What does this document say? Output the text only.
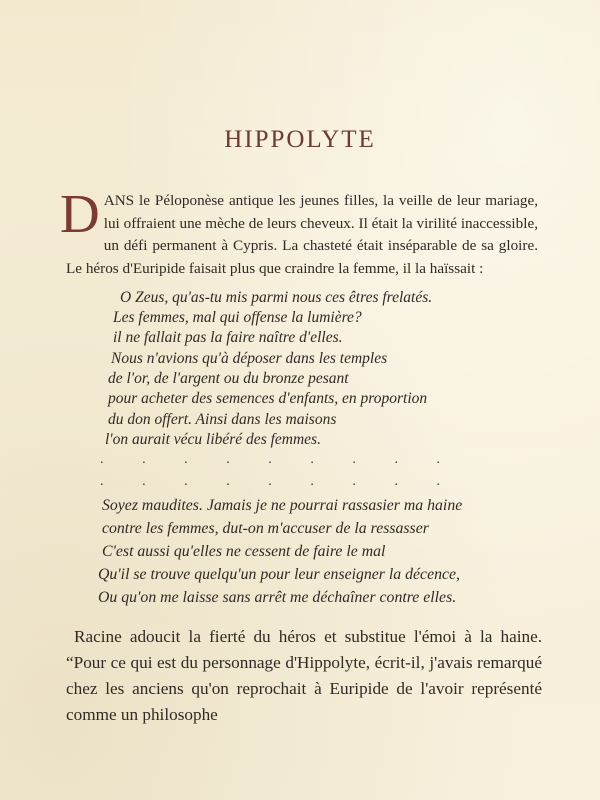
HIPPOLYTE

DANS le Péloponèse antique les jeunes filles, la veille de leur mariage, lui offraient une mèche de leurs cheveux. Il était la virilité inaccessible, un défi permanent à Cypris. La chasteté était inséparable de sa gloire. Le héros d'Euripide faisait plus que craindre la femme, il la haïssait :

O Zeus, qu'as-tu mis parmi nous ces êtres frelatés.
Les femmes, mal qui offense la lumière?
il ne fallait pas la faire naître d'elles.
Nous n'avions qu'à déposer dans les temples
de l'or, de l'argent ou du bronze pesant
pour acheter des semences d'enfants, en proportion
du don offert. Ainsi dans les maisons
l'on aurait vécu libéré des femmes.
.	.	.	.	.	.	.	.	.
.	.	.	.	.	.	.	.	.
Soyez maudites. Jamais je ne pourrai rassasier ma haine
contre les femmes, dut-on m'accuser de la ressasser
C'est aussi qu'elles ne cessent de faire le mal
Qu'il se trouve quelqu'un pour leur enseigner la décence,
Ou qu'on me laisse sans arrêt me déchaîner contre elles.

Racine adoucit la fierté du héros et substitue l'émoi à la haine. “Pour ce qui est du personnage d'Hippolyte, écrit-il, j'avais remarqué chez les anciens qu'on reprochait à Euripide de l'avoir représenté comme un philosophe
